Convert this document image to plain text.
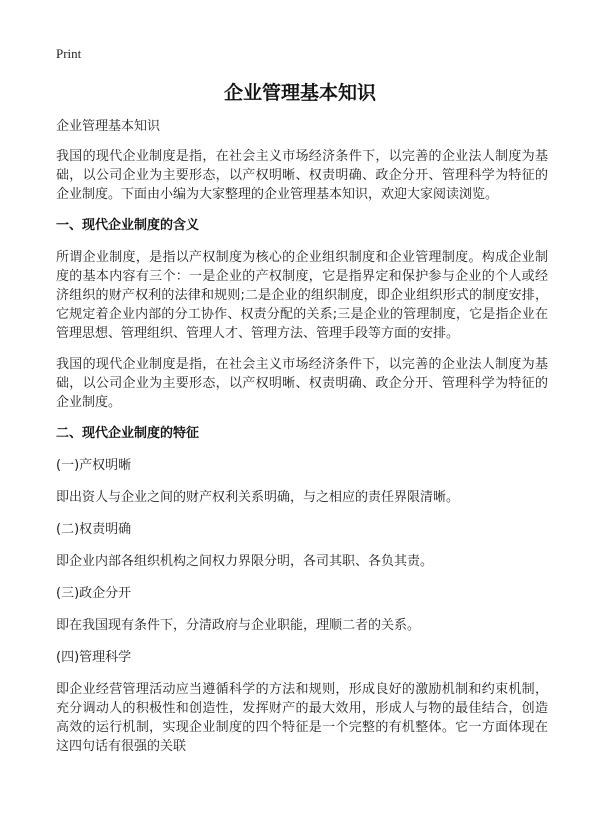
Print
企业管理基本知识

企业管理基本知识

我国的现代企业制度是指，在社会主义市场经济条件下，以完善的企业法人制度为基础，以公司企业为主要形态，以产权明晰、权责明确、政企分开、管理科学为特征的企业制度。下面由小编为大家整理的企业管理基本知识，欢迎大家阅读浏览。

一、现代企业制度的含义

所谓企业制度，是指以产权制度为核心的企业组织制度和企业管理制度。构成企业制度的基本内容有三个：一是企业的产权制度，它是指界定和保护参与企业的个人或经济组织的财产权利的法律和规则;二是企业的组织制度，即企业组织形式的制度安排，它规定着企业内部的分工协作、权责分配的关系;三是企业的管理制度，它是指企业在管理思想、管理组织、管理人才、管理方法、管理手段等方面的安排。

我国的现代企业制度是指，在社会主义市场经济条件下，以完善的企业法人制度为基础，以公司企业为主要形态，以产权明晰、权责明确、政企分开、管理科学为特征的企业制度。

二、现代企业制度的特征

(一)产权明晰

即出资人与企业之间的财产权利关系明确，与之相应的责任界限清晰。

(二)权责明确

即企业内部各组织机构之间权力界限分明，各司其职、各负其责。

(三)政企分开

即在我国现有条件下，分清政府与企业职能，理顺二者的关系。

(四)管理科学

即企业经营管理活动应当遵循科学的方法和规则，形成良好的激励机制和约束机制，充分调动人的积极性和创造性，发挥财产的最大效用，形成人与物的最佳结合，创造高效的运行机制，实现企业制度的四个特征是一个完整的有机整体。它一方面体现在这四句话有很强的关联
